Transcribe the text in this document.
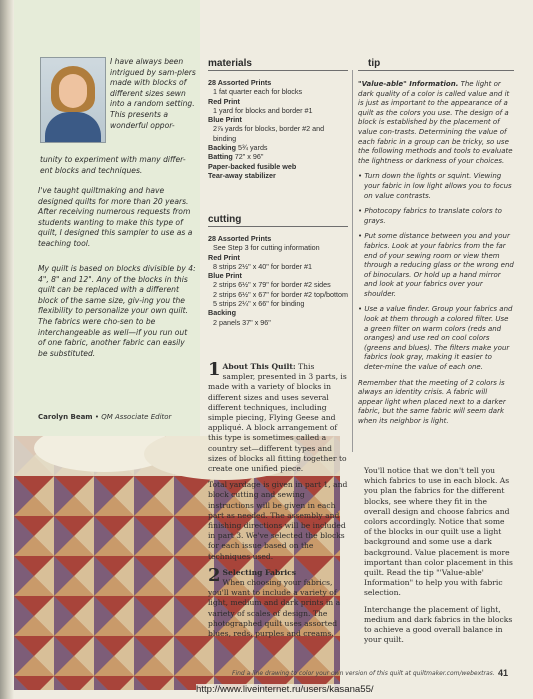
I have always been intrigued by sam-plers made with blocks of different sizes sewn into a random setting. This presents a wonderful oppor-
tunity to experiment with many differ-ent blocks and techniques.

I've taught quiltmaking and have designed quilts for more than 20 years. After receiving numerous requests from students wanting to make this type of quilt, I designed this sampler to use as a teaching tool.

My quilt is based on blocks divisible by 4: 4", 8" and 12". Any of the blocks in this quilt can be replaced with a different block of the same size, giv-ing you the flexibility to personalize your own quilt. The fabrics were cho-sen to be interchangeable as well—if you run out of one fabric, another fabric can easily be substituted.

Carolyn Beam • QM Associate Editor
materials
28 Assorted Prints
1 fat quarter each for blocks
Red Print
1 yard for blocks and border #1
Blue Print
2⅞ yards for blocks, border #2 and binding
Backing 5¾ yards
Batting 72" x 96"
Paper-backed fusible web
Tear-away stabilizer
cutting
28 Assorted Prints
See Step 3 for cutting information
Red Print
8 strips 2½" x 40" for border #1
Blue Print
2 strips 6½" x 79" for border #2 sides
2 strips 6½" x 67" for border #2 top/bottom
5 strips 2¼" x 66" for binding
Backing
2 panels 37" x 96"

1 About This Quilt: This sampler, presented in 3 parts, is made with a variety of blocks in different sizes and uses several different techniques, including simple piecing, Flying Geese and appliqué. A block arrangement of this type is sometimes called a country set—different types and sizes of blocks all fitting together to create one unified piece.

Total yardage is given in part 1, and block cutting and sewing instructions will be given in each part as needed. The assembly and finishing directions will be included in part 3. We've selected the blocks for each issue based on the techniques used.

2 Selecting Fabrics
When choosing your fabrics, you'll want to include a variety of light, medium and dark prints in a variety of scales of design. The photographed quilt uses assorted blues, reds, purples and creams.

tip

"Value-able" Information. The light or dark quality of a color is called value and it is just as important to the appearance of a quilt as the colors you use. The design of a block is established by the placement of value con-trasts. Determining the value of each fabric in a group can be tricky, so use the following methods and tools to evaluate the lightness or darkness of your choices.

• Turn down the lights or squint. Viewing your fabric in low light allows you to focus on value contrasts.

• Photocopy fabrics to translate colors to grays.

• Put some distance between you and your fabrics. Look at your fabrics from the far end of your sewing room or view them through a reducing glass or the wrong end of binoculars. Or hold up a hand mirror and look at your fabrics over your shoulder.

• Use a value finder. Group your fabrics and look at them through a colored filter. Use a green filter on warm colors (reds and oranges) and use red on cool colors (greens and blues). The filters make your fabrics look gray, making it easier to deter-mine the value of each one.

Remember that the meeting of 2 colors is always an identity crisis. A fabric will appear light when placed next to a darker fabric, but the same fabric will seem dark when its neighbor is light.

You'll notice that we don't tell you which fabrics to use in each block. As you plan the fabrics for the different blocks, see where they fit in the overall design and choose fabrics and colors accordingly. Notice that some of the blocks in our quilt use a light background and some use a dark background. Value placement is more important than color placement in this quilt. Read the tip "'Value-able' Information" to help you with fabric selection.

Interchange the placement of light, medium and dark fabrics in the blocks to achieve a good overall balance in your quilt.

Find a line drawing to color your own version of this quilt at quiltmaker.com/webextras. 41
http://www.liveinternet.ru/users/kasana55/
